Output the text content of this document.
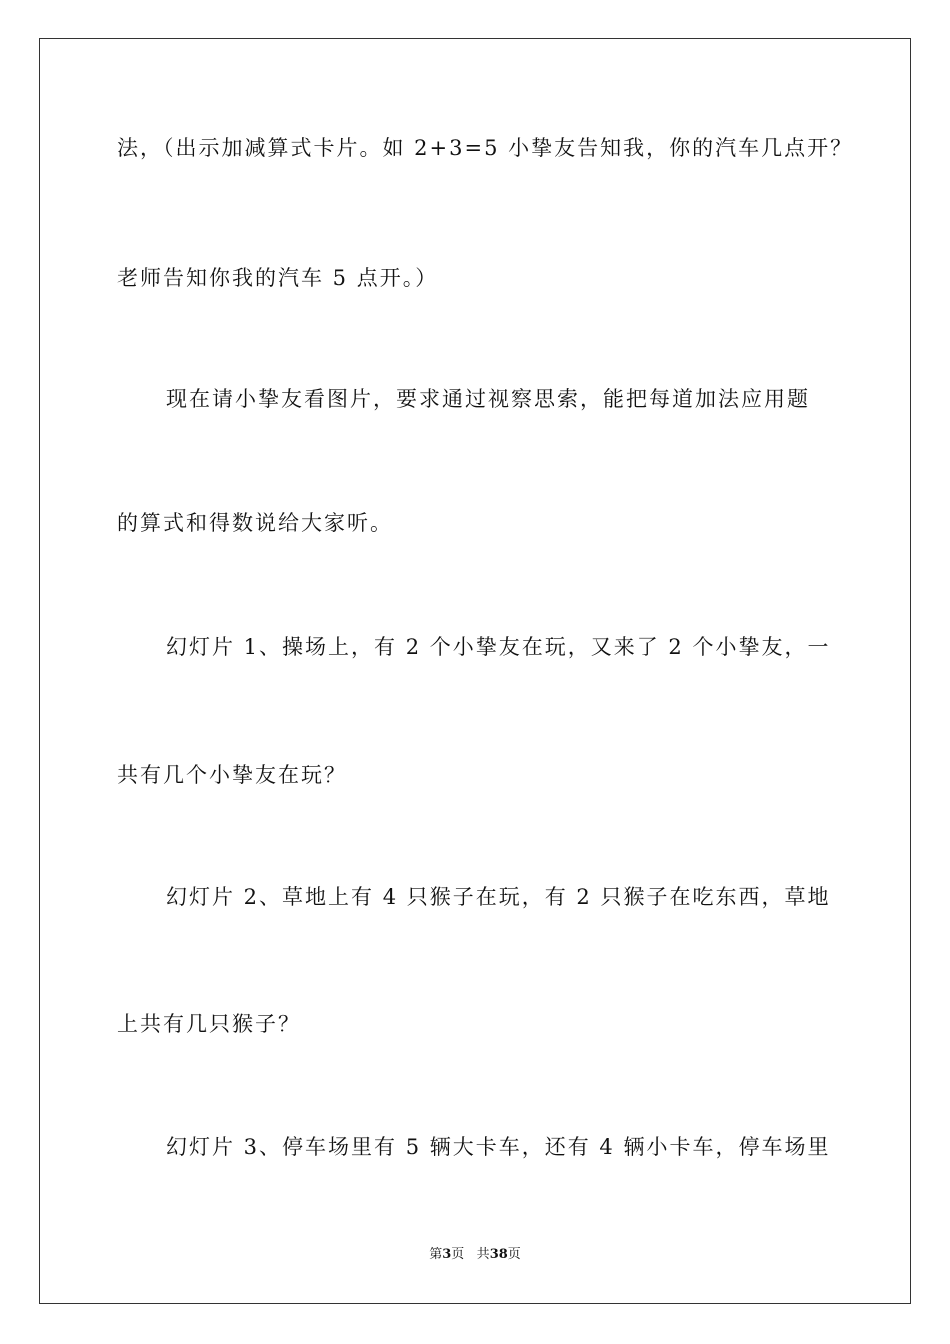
法，（出示加减算式卡片。如 2+3=5 小挚友告知我，你的汽车几点开？
老师告知你我的汽车 5 点开。）
现在请小挚友看图片，要求通过视察思索，能把每道加法应用题
的算式和得数说给大家听。
幻灯片 1、操场上，有 2 个小挚友在玩，又来了 2 个小挚友，一
共有几个小挚友在玩？
幻灯片 2、草地上有 4 只猴子在玩，有 2 只猴子在吃东西，草地
上共有几只猴子？
幻灯片 3、停车场里有 5 辆大卡车，还有 4 辆小卡车，停车场里
第3页 共38页
